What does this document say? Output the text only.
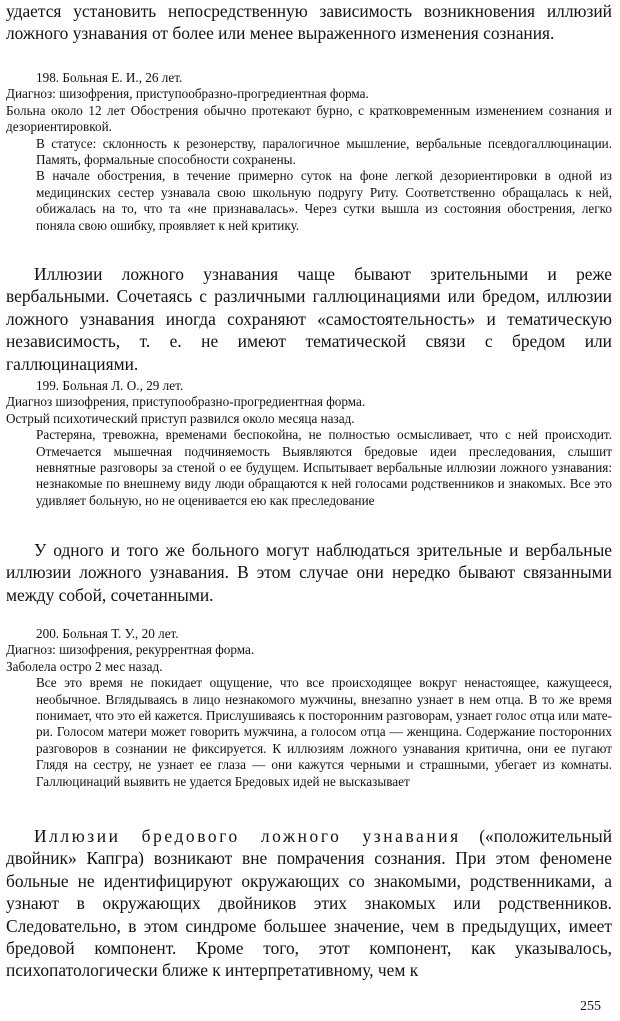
удается установить непосредственную зависимость возникновения иллюзий ложного узнавания от более или менее выраженного изменения сознания.
198. Больная Е. И., 26 лет.
Диагноз: шизофрения, приступообразно-прогредиентная форма.
Больна около 12 лет Обострения обычно протекают бурно, с кратковременным изменением сознания и дезориентировкой.
В статусе: склонность к резонерству, паралогичное мышление, вербальные псевдогаллюцинации. Память, формальные способности сохранены.
В начале обострения, в течение примерно суток на фоне легкой дезориентировки в одной из медицинских сестер узнавала свою школьную подругу Риту. Соответственно обращалась к ней, обижалась на то, что та «не признавалась». Через сутки вышла из состояния обострения, легко поняла свою ошибку, проявляет к ней критику.
Иллюзии ложного узнавания чаще бывают зрительными и реже вербальными. Сочетаясь с различными галлюцинациями или бредом, иллюзии ложного узнавания иногда сохраняют «самостоятельность» и тематическую независимость, т. е. не имеют тематической связи с бредом или галлюцинациями.
199. Больная Л. О., 29 лет.
Диагноз шизофрения, приступообразно-прогредиентная форма.
Острый психотический приступ развился около месяца назад.
Растеряна, тревожна, временами беспокойна, не полностью осмысливает, что с ней происходит. Отмечается мышечная подчиняемость Выявляются бредовые идеи преследования, слышит невнятные разговоры за стеной о ее будущем. Испытывает вербальные иллюзии ложного узнавания: незнакомые по внешнему виду люди обращаются к ней голосами родственников и знакомых. Все это удивляет больную, но не оценивается ею как преследование
У одного и того же больного могут наблюдаться зрительные и вербальные иллюзии ложного узнавания. В этом случае они нередко бывают связанными между собой, сочетанными.
200. Больная Т. У., 20 лет.
Диагноз: шизофрения, рекуррентная форма.
Заболела остро 2 мес назад.
Все это время не покидает ощущение, что все происходящее вокруг ненастоящее, кажущееся, необычное. Вглядываясь в лицо незнакомого мужчины, внезапно узнает в нем отца. В то же время понимает, что это ей кажется. Прислушиваясь к посторонним разговорам, узнает голос отца или матери. Голосом матери может говорить мужчина, а голосом отца — женщина. Содержание посторонних разговоров в сознании не фиксируется. К иллюзиям ложного узнавания критична, они ее пугают Глядя на сестру, не узнает ее глаза — они кажутся черными и страшными, убегает из комнаты. Галлюцинаций выявить не удается Бредовых идей не высказывает
Иллюзии бредового ложного узнавания («положительный двойник» Капгра) возникают вне помрачения сознания. При этом феномене больные не идентифицируют окружающих со знакомыми, родственниками, а узнают в окружающих двойников этих знакомых или родственников. Следовательно, в этом синдроме большее значение, чем в предыдущих, имеет бредовой компонент. Кроме того, этот компонент, как указывалось, психопатологически ближе к интерпретативному, чем к
255
